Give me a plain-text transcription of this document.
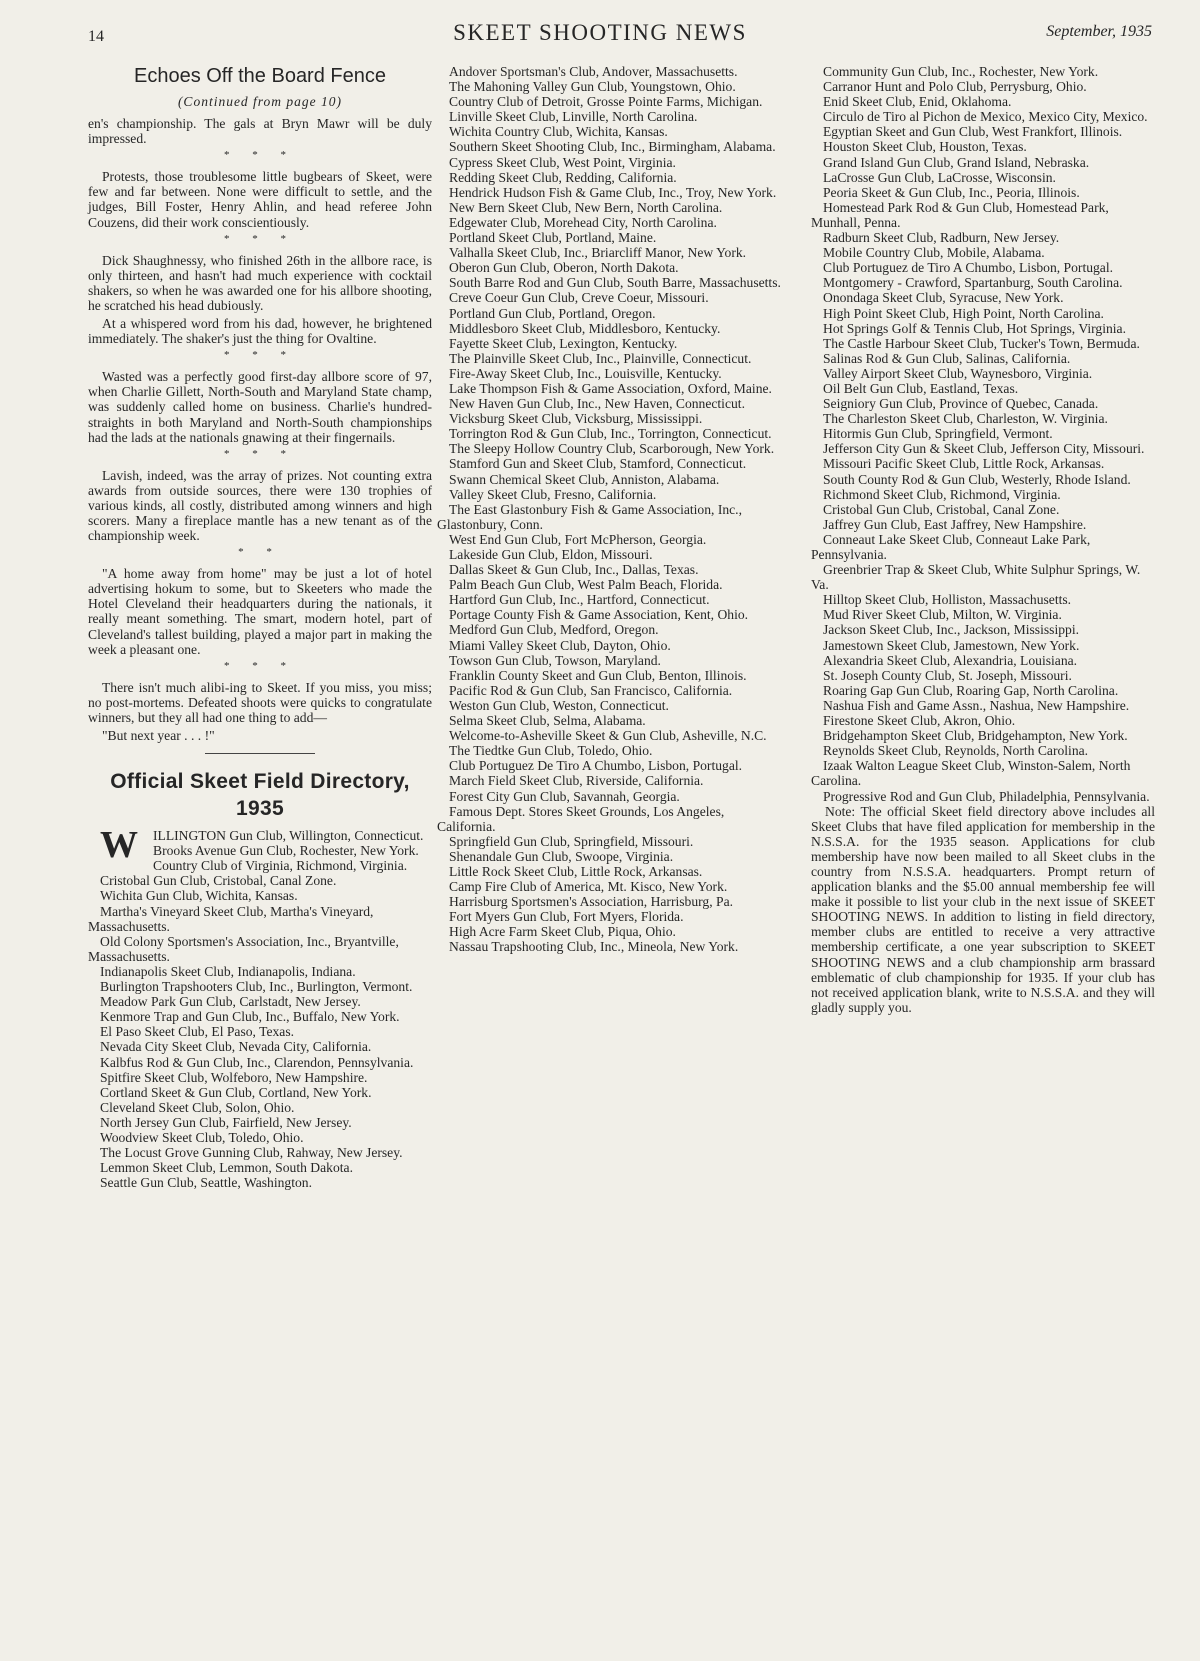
14	SKEET SHOOTING NEWS	September, 1935
Echoes Off the Board Fence
(Continued from page 10)

en's championship. The gals at Bryn Mawr will be duly impressed.

* * *

Protests, those troublesome little bugbears of Skeet, were few and far between. None were difficult to settle, and the judges, Bill Foster, Henry Ahlin, and head referee John Couzens, did their work conscientiously.

* * *

Dick Shaughnessy, who finished 26th in the allbore race, is only thirteen, and hasn't had much experience with cocktail shakers, so when he was awarded one for his allbore shooting, he scratched his head dubiously.

At a whispered word from his dad, however, he brightened immediately. The shaker's just the thing for Ovaltine.

* * *

Wasted was a perfectly good first-day allbore score of 97, when Charlie Gillett, North-South and Maryland State champ, was suddenly called home on business. Charlie's hundred-straights in both Maryland and North-South championships had the lads at the nationals gnawing at their fingernails.

* * *

Lavish, indeed, was the array of prizes. Not counting extra awards from outside sources, there were 130 trophies of various kinds, all costly, distributed among winners and high scorers. Many a fireplace mantle has a new tenant as of the championship week.

* *

"A home away from home" may be just a lot of hotel advertising hokum to some, but to Skeeters who made the Hotel Cleveland their headquarters during the nationals, it really meant something. The smart, modern hotel, part of Cleveland's tallest building, played a major part in making the week a pleasant one.

* * *

There isn't much alibi-ing to Skeet. If you miss, you miss; no post-mortems. Defeated shoots were quicks to congratulate winners, but they all had one thing to add—

"But next year . . . !"

Official Skeet Field Directory,
1935

W ILLINGTON Gun Club, Willington, Connecticut.

Brooks Avenue Gun Club, Rochester, New York.

Country Club of Virginia, Richmond, Virginia.

Cristobal Gun Club, Cristobal, Canal Zone.

Wichita Gun Club, Wichita, Kansas.

Martha's Vineyard Skeet Club, Martha's Vineyard, Massachusetts.

Old Colony Sportsmen's Association, Inc., Bryantville, Massachusetts.

Indianapolis Skeet Club, Indianapolis, Indiana.

Burlington Trapshooters Club, Inc., Burlington, Vermont.

Meadow Park Gun Club, Carlstadt, New Jersey.

Kenmore Trap and Gun Club, Inc., Buffalo, New York.

El Paso Skeet Club, El Paso, Texas.

Nevada City Skeet Club, Nevada City, California.

Kalbfus Rod & Gun Club, Inc., Clarendon, Pennsylvania.

Spitfire Skeet Club, Wolfeboro, New Hampshire.

Cortland Skeet & Gun Club, Cortland, New York.

Cleveland Skeet Club, Solon, Ohio.

North Jersey Gun Club, Fairfield, New Jersey.

Woodview Skeet Club, Toledo, Ohio.

The Locust Grove Gunning Club, Rahway, New Jersey.

Lemmon Skeet Club, Lemmon, South Dakota.

Seattle Gun Club, Seattle, Washington.

Andover Sportsman's Club, Andover, Massachusetts.

The Mahoning Valley Gun Club, Youngstown, Ohio.

Country Club of Detroit, Grosse Pointe Farms, Michigan.

Linville Skeet Club, Linville, North Carolina.

Wichita Country Club, Wichita, Kansas.

Southern Skeet Shooting Club, Inc., Birmingham, Alabama.

Cypress Skeet Club, West Point, Virginia.

Redding Skeet Club, Redding, California.

Hendrick Hudson Fish & Game Club, Inc., Troy, New York.

New Bern Skeet Club, New Bern, North Carolina.

Edgewater Club, Morehead City, North Carolina.

Portland Skeet Club, Portland, Maine.

Valhalla Skeet Club, Inc., Briarcliff Manor, New York.

Oberon Gun Club, Oberon, North Dakota.

South Barre Rod and Gun Club, South Barre, Massachusetts.

Creve Coeur Gun Club, Creve Coeur, Missouri.

Portland Gun Club, Portland, Oregon.

Middlesboro Skeet Club, Middlesboro, Kentucky.

Fayette Skeet Club, Lexington, Kentucky.

The Plainville Skeet Club, Inc., Plainville, Connecticut.

Fire-Away Skeet Club, Inc., Louisville, Kentucky.

Lake Thompson Fish & Game Association, Oxford, Maine.

New Haven Gun Club, Inc., New Haven, Connecticut.

Vicksburg Skeet Club, Vicksburg, Mississippi.

Torrington Rod & Gun Club, Inc., Torrington, Connecticut.

The Sleepy Hollow Country Club, Scarborough, New York.

Stamford Gun and Skeet Club, Stamford, Connecticut.

Swann Chemical Skeet Club, Anniston, Alabama.

Valley Skeet Club, Fresno, California.

The East Glastonbury Fish & Game Association, Inc., Glastonbury, Conn.

West End Gun Club, Fort McPherson, Georgia.

Lakeside Gun Club, Eldon, Missouri.

Dallas Skeet & Gun Club, Inc., Dallas, Texas.

Palm Beach Gun Club, West Palm Beach, Florida.

Hartford Gun Club, Inc., Hartford, Connecticut.

Portage County Fish & Game Association, Kent, Ohio.

Medford Gun Club, Medford, Oregon.

Miami Valley Skeet Club, Dayton, Ohio.

Towson Gun Club, Towson, Maryland.

Franklin County Skeet and Gun Club, Benton, Illinois.

Pacific Rod & Gun Club, San Francisco, California.

Weston Gun Club, Weston, Connecticut.

Selma Skeet Club, Selma, Alabama.

Welcome-to-Asheville Skeet & Gun Club, Asheville, N.C.

The Tiedtke Gun Club, Toledo, Ohio.

Club Portuguez De Tiro A Chumbo, Lisbon, Portugal.

March Field Skeet Club, Riverside, California.

Forest City Gun Club, Savannah, Georgia.

Famous Dept. Stores Skeet Grounds, Los Angeles, California.

Springfield Gun Club, Springfield, Missouri.

Shenandale Gun Club, Swoope, Virginia.

Little Rock Skeet Club, Little Rock, Arkansas.

Camp Fire Club of America, Mt. Kisco, New York.

Harrisburg Sportsmen's Association, Harrisburg, Pa.

Fort Myers Gun Club, Fort Myers, Florida.

High Acre Farm Skeet Club, Piqua, Ohio.

Nassau Trapshooting Club, Inc., Mineola, New York.

Community Gun Club, Inc., Rochester, New York.

Carranor Hunt and Polo Club, Perrysburg, Ohio.

Enid Skeet Club, Enid, Oklahoma.

Circulo de Tiro al Pichon de Mexico, Mexico City, Mexico.

Egyptian Skeet and Gun Club, West Frankfort, Illinois.

Houston Skeet Club, Houston, Texas.

Grand Island Gun Club, Grand Island, Nebraska.

LaCrosse Gun Club, LaCrosse, Wisconsin.

Peoria Skeet & Gun Club, Inc., Peoria, Illinois.

Homestead Park Rod & Gun Club, Homestead Park, Munhall, Penna.

Radburn Skeet Club, Radburn, New Jersey.

Mobile Country Club, Mobile, Alabama.

Club Portuguez de Tiro A Chumbo, Lisbon, Portugal.

Montgomery - Crawford, Spartanburg, South Carolina.

Onondaga Skeet Club, Syracuse, New York.

High Point Skeet Club, High Point, North Carolina.

Hot Springs Golf & Tennis Club, Hot Springs, Virginia.

The Castle Harbour Skeet Club, Tucker's Town, Bermuda.

Salinas Rod & Gun Club, Salinas, California.

Valley Airport Skeet Club, Waynesboro, Virginia.

Oil Belt Gun Club, Eastland, Texas.

Seigniory Gun Club, Province of Quebec, Canada.

The Charleston Skeet Club, Charleston, W. Virginia.

Hitormis Gun Club, Springfield, Vermont.

Jefferson City Gun & Skeet Club, Jefferson City, Missouri.

Missouri Pacific Skeet Club, Little Rock, Arkansas.

South County Rod & Gun Club, Westerly, Rhode Island.

Richmond Skeet Club, Richmond, Virginia.

Cristobal Gun Club, Cristobal, Canal Zone.

Jaffrey Gun Club, East Jaffrey, New Hampshire.

Conneaut Lake Skeet Club, Conneaut Lake Park, Pennsylvania.

Greenbrier Trap & Skeet Club, White Sulphur Springs, W. Va.

Hilltop Skeet Club, Holliston, Massachusetts.

Mud River Skeet Club, Milton, W. Virginia.

Jackson Skeet Club, Inc., Jackson, Mississippi.

Jamestown Skeet Club, Jamestown, New York.

Alexandria Skeet Club, Alexandria, Louisiana.

St. Joseph County Club, St. Joseph, Missouri.

Roaring Gap Gun Club, Roaring Gap, North Carolina.

Nashua Fish and Game Assn., Nashua, New Hampshire.

Firestone Skeet Club, Akron, Ohio.

Bridgehampton Skeet Club, Bridgehampton, New York.

Reynolds Skeet Club, Reynolds, North Carolina.

Izaak Walton League Skeet Club, Winston-Salem, North Carolina.

Progressive Rod and Gun Club, Philadelphia, Pennsylvania.

Note: The official Skeet field directory above includes all Skeet Clubs that have filed application for membership in the N.S.S.A. for the 1935 season. Applications for club membership have now been mailed to all Skeet clubs in the country from N.S.S.A. headquarters. Prompt return of application blanks and the $5.00 annual membership fee will make it possible to list your club in the next issue of SKEET SHOOTING NEWS. In addition to listing in field directory, member clubs are entitled to receive a very attractive membership certificate, a one year subscription to SKEET SHOOTING NEWS and a club championship arm brassard emblematic of club championship for 1935. If your club has not received application blank, write to N.S.S.A. and they will gladly supply you.
